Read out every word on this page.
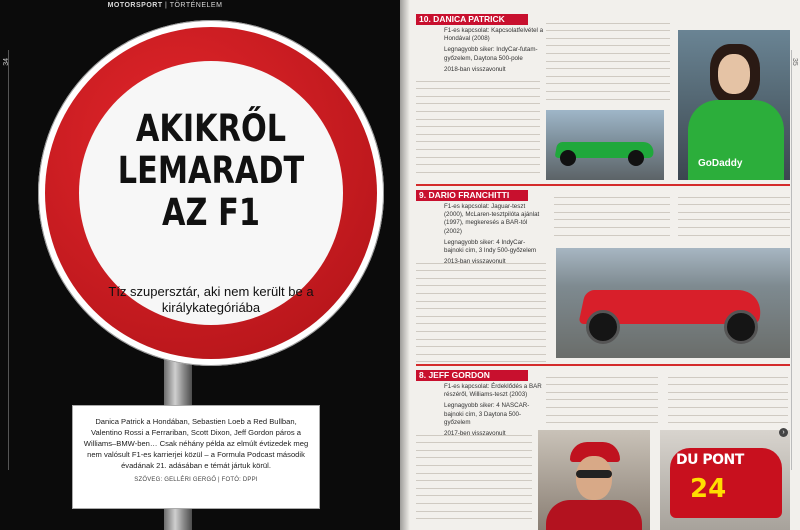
MOTORSPORT | TÖRTÉNELEM
34
AKIKRŐL
LEMARADT
AZ F1
Tíz szupersztár, aki nem került be a királykategóriába

Danica Patrick a Hondában, Sebastien Loeb a Red Bullban, Valentino Rossi a Ferrariban, Scott Dixon, Jeff Gordon páros a Williams–BMW-ben… Csak néhány példa az elmúlt évtizedek meg nem valósult F1-es karrierjei közül – a Formula Podcast második évadának 21. adásában e témát jártuk körül.

SZÖVEG: GELLÉRI GERGŐ | FOTÓ: DPPI
35
10. DANICA PATRICK
F1-es kapcsolat: Kapcsolatfelvétel a Hondával (2008)
Legnagyobb siker: IndyCar-futam-győzelem, Daytona 500-pole
2018-ban visszavonult
GoDaddy
9. DARIO FRANCHITTI
F1-es kapcsolat: Jaguar-teszt (2000), McLaren-tesztpilóta ajánlat (1997), megkeresés a BAR-tól (2002)
Legnagyobb siker: 4 IndyCar-bajnoki cím, 3 Indy 500-győzelem
2013-ban visszavonult
8. JEFF GORDON
F1-es kapcsolat: Érdeklődés a BAR részéről, Williams-teszt (2003)
Legnagyobb siker: 4 NASCAR-bajnoki cím, 3 Daytona 500-győzelem
2017-ben visszavonult
DU PONT
24
›
